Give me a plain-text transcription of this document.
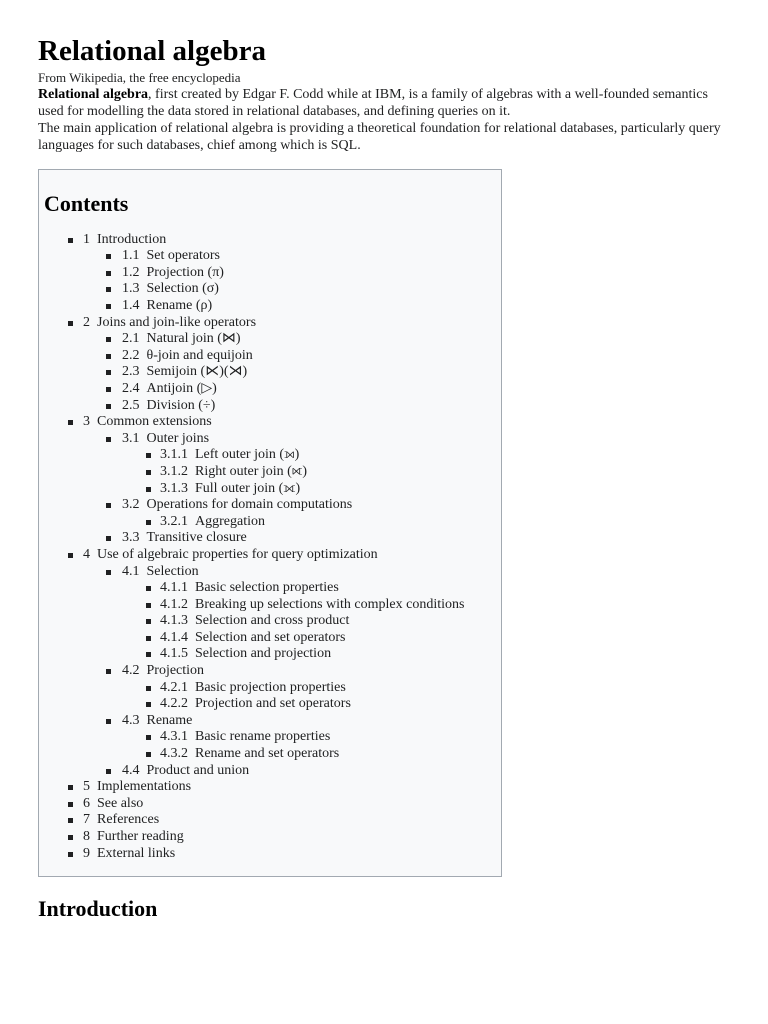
Relational algebra
From Wikipedia, the free encyclopedia

Relational algebra, first created by Edgar F. Codd while at IBM, is a family of algebras with a well-founded semantics used for modelling the data stored in relational databases, and defining queries on it.

The main application of relational algebra is providing a theoretical foundation for relational databases, particularly query languages for such databases, chief among which is SQL.

Contents
1 Introduction
1.1 Set operators
1.2 Projection (π)
1.3 Selection (σ)
1.4 Rename (ρ)
2 Joins and join-like operators
2.1 Natural join (⋈)
2.2 θ-join and equijoin
2.3 Semijoin (⋉)(⋊)
2.4 Antijoin (▷)
2.5 Division (÷)
3 Common extensions
3.1 Outer joins
3.1.1 Left outer join (⟕)
3.1.2 Right outer join (⟖)
3.1.3 Full outer join (⟗)
3.2 Operations for domain computations
3.2.1 Aggregation
3.3 Transitive closure
4 Use of algebraic properties for query optimization
4.1 Selection
4.1.1 Basic selection properties
4.1.2 Breaking up selections with complex conditions
4.1.3 Selection and cross product
4.1.4 Selection and set operators
4.1.5 Selection and projection
4.2 Projection
4.2.1 Basic projection properties
4.2.2 Projection and set operators
4.3 Rename
4.3.1 Basic rename properties
4.3.2 Rename and set operators
4.4 Product and union
5 Implementations
6 See also
7 References
8 Further reading
9 External links
Introduction
